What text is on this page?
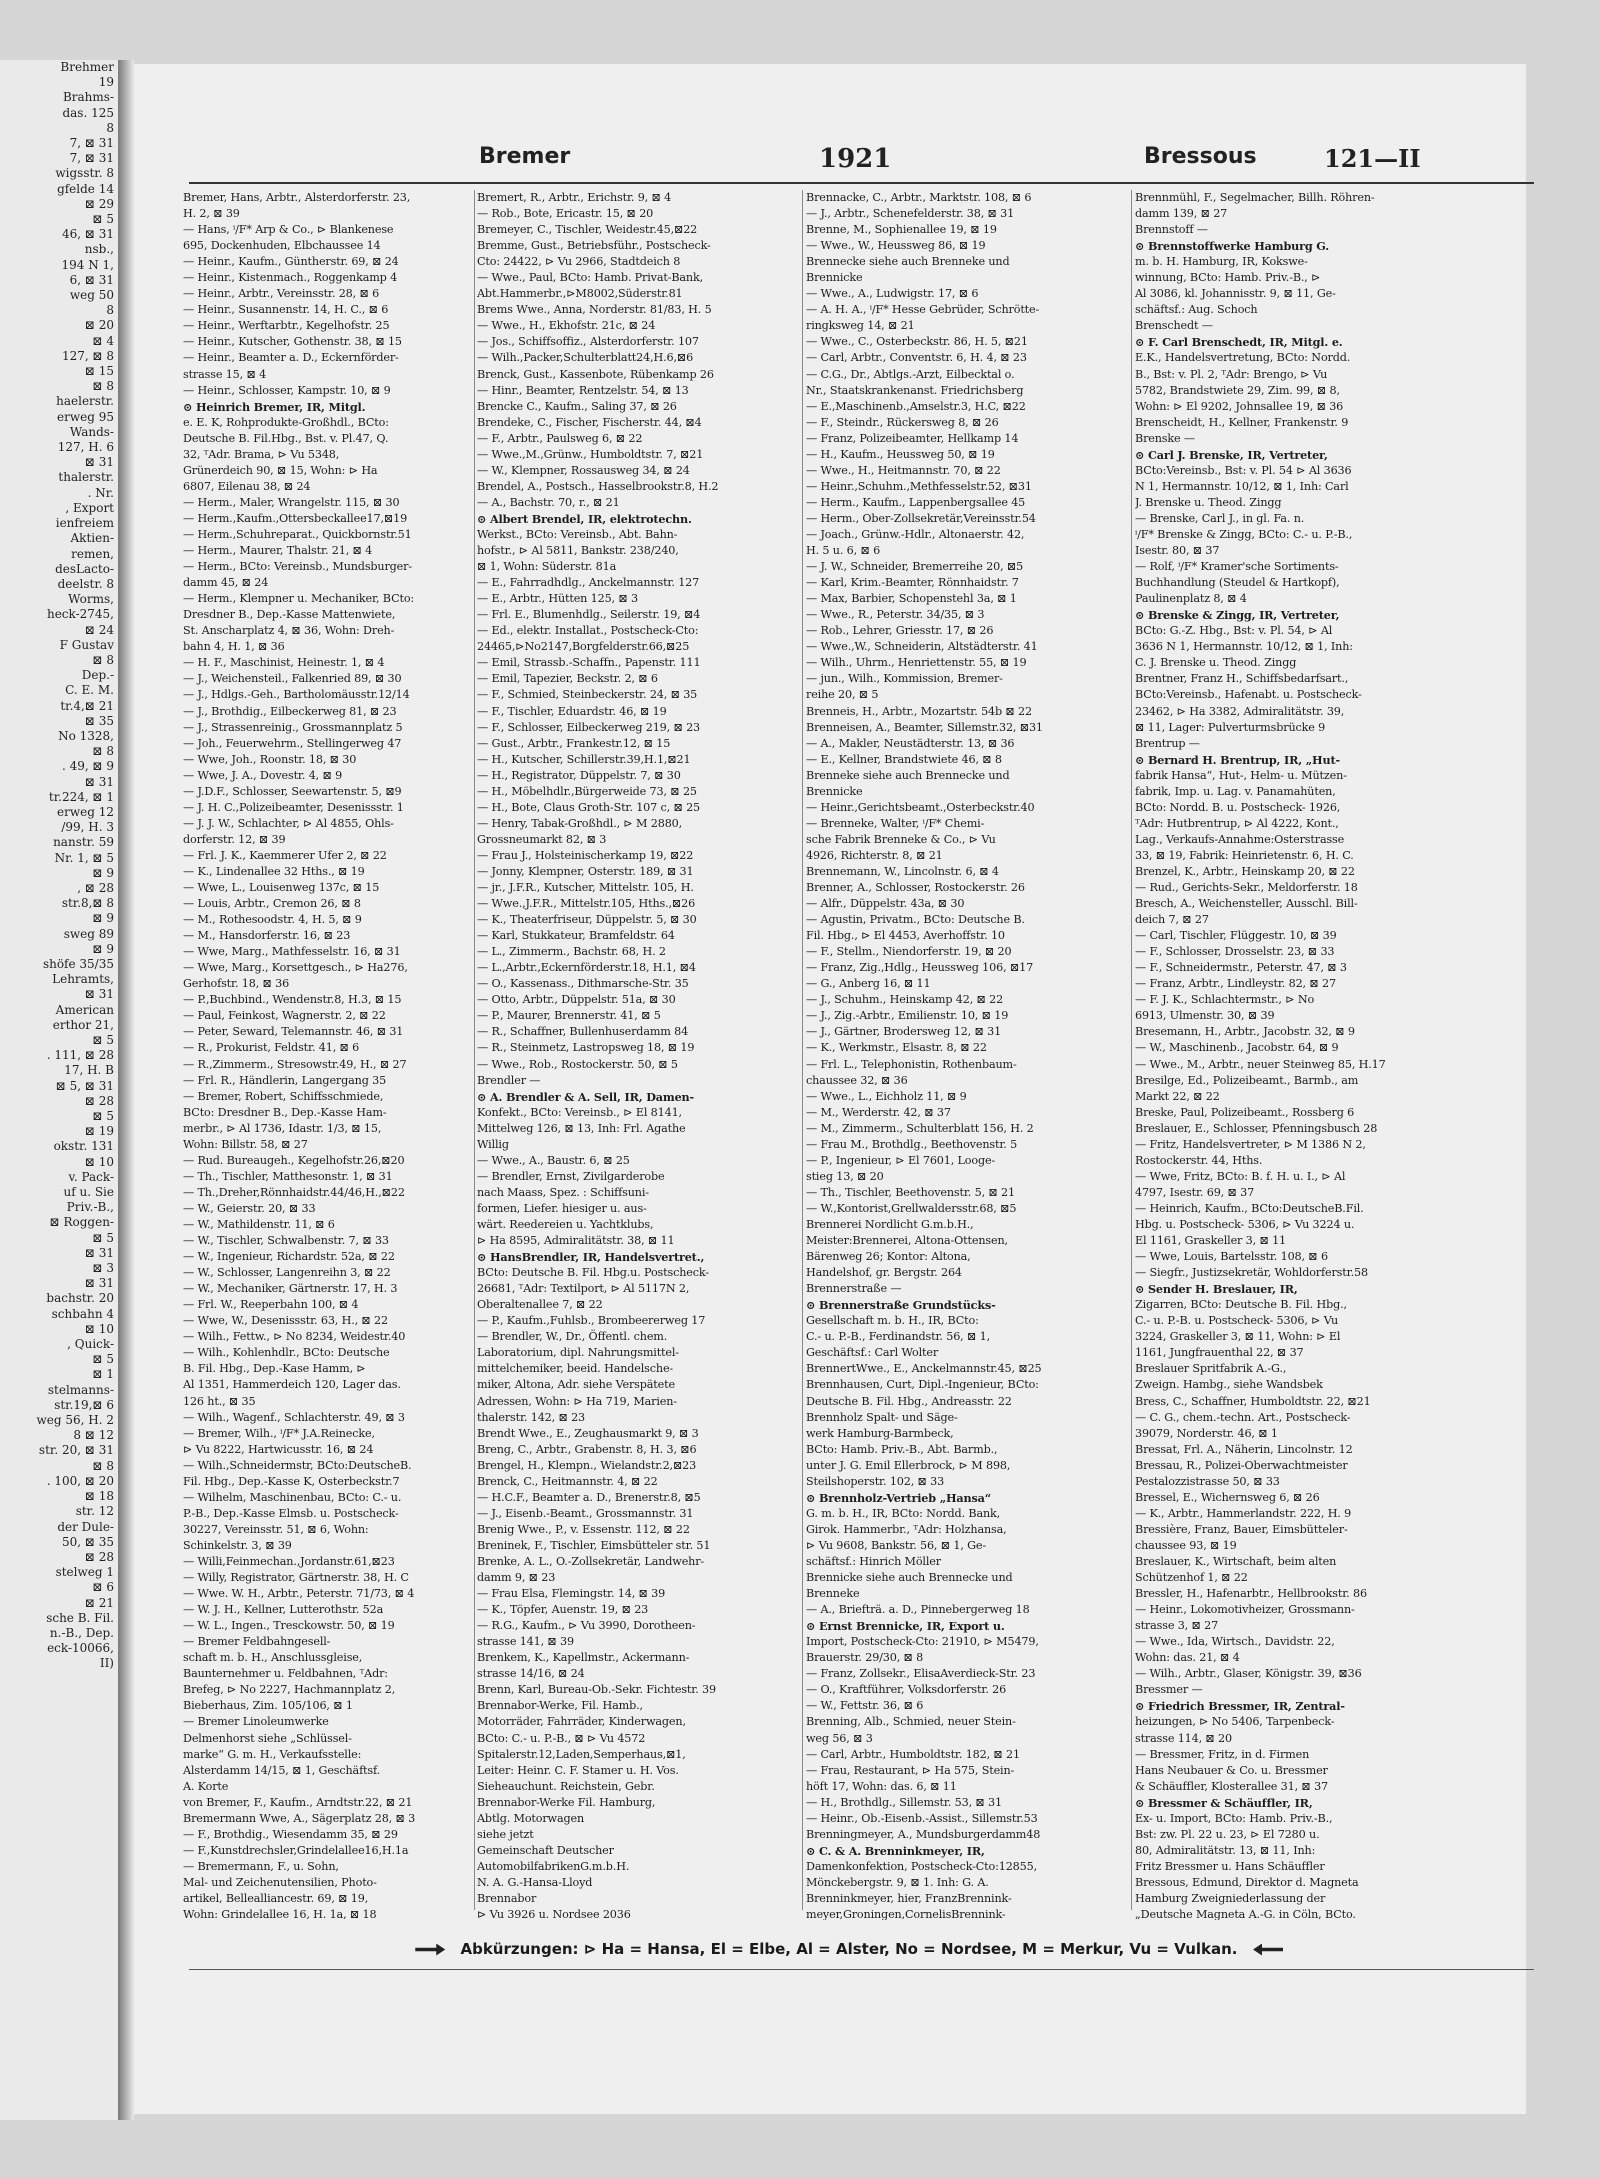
Brehmer
19
Brahms-
das. 125
8
7, ⊠ 31
7, ⊠ 31
wigsstr. 8
gfelde 14
⊠ 29
⊠ 5
46, ⊠ 31
nsb.,
194 N 1,
6, ⊠ 31
weg 50
8
⊠ 20
⊠ 4
127, ⊠ 8
⊠ 15
⊠ 8
haelerstr.
erweg 95
Wands-
127, H. 6
⊠ 31
thalerstr.
. Nr.
, Export
ienfreiem
Aktien-
remen,
desLacto-
deelstr. 8
Worms,
heck-2745,
⊠ 24
F Gustav
⊠ 8
Dep.-
C. E. M.
tr.4,⊠ 21
⊠ 35
No 1328,
⊠ 8
. 49, ⊠ 9
⊠ 31
tr.224, ⊠ 1
erweg 12
/99, H. 3
nanstr. 59
Nr. 1, ⊠ 5
⊠ 9
, ⊠ 28
str.8,⊠ 8
⊠ 9
sweg 89
⊠ 9
shöfe 35/35
Lehramts,
⊠ 31
American
erthor 21,
⊠ 5
. 111, ⊠ 28
17, H. B
⊠ 5, ⊠ 31
⊠ 28
⊠ 5
⊠ 19
okstr. 131
⊠ 10
v. Pack-
uf u. Sie
Priv.-B.,
⊠ Roggen-
⊠ 5
⊠ 31
⊠ 3
⊠ 31
bachstr. 20
schbahn 4
⊠ 10
, Quick-
⊠ 5
⊠ 1
stelmanns-
str.19,⊠ 6
weg 56, H. 2
8 ⊠ 12
str. 20, ⊠ 31
⊠ 8
. 100, ⊠ 20
⊠ 18
str. 12
der Dule-
50, ⊠ 35
⊠ 28
stelweg 1
⊠ 6
⊠ 21
sche B. Fil.
n.-B., Dep.
eck-10066,
II)
Bremer	1921	Bressous	121—II
Bremer, Hans, Arbtr., Alsterdorferstr. 23,
H. 2, ⊠ 39
— Hans, ⁱ/F* Arp & Co., ⊳ Blankenese
695, Dockenhuden, Elbchaussee 14
— Heinr., Kaufm., Güntherstr. 69, ⊠ 24
— Heinr., Kistenmach., Roggenkamp 4
— Heinr., Arbtr., Vereinsstr. 28, ⊠ 6
— Heinr., Susannenstr. 14, H. C., ⊠ 6
— Heinr., Werftarbtr., Kegelhofstr. 25
— Heinr., Kutscher, Gothenstr. 38, ⊠ 15
— Heinr., Beamter a. D., Eckernförder-
strasse 15, ⊠ 4
— Heinr., Schlosser, Kampstr. 10, ⊠ 9
⊙ Heinrich Bremer, IR, Mitgl.
e. E. K, Rohprodukte-Großhdl., BCto:
Deutsche B. Fil.Hbg., Bst. v. Pl.47, Q.
32, ᵀAdr. Brama, ⊳ Vu 5348,
Grünerdeich 90, ⊠ 15, Wohn: ⊳ Ha
6807, Eilenau 38, ⊠ 24
— Herm., Maler, Wrangelstr. 115, ⊠ 30
— Herm.,Kaufm.,Ottersbeckallee17,⊠19
— Herm.,Schuhreparat., Quickbornstr.51
— Herm., Maurer, Thalstr. 21, ⊠ 4
— Herm., BCto: Vereinsb., Mundsburger-
damm 45, ⊠ 24
— Herm., Klempner u. Mechaniker, BCto:
Dresdner B., Dep.-Kasse Mattenwiete,
St. Anscharplatz 4, ⊠ 36, Wohn: Dreh-
bahn 4, H. 1, ⊠ 36
— H. F., Maschinist, Heinestr. 1, ⊠ 4
— J., Weichensteil., Falkenried 89, ⊠ 30
— J., Hdlgs.-Geh., Bartholomäusstr.12/14
— J., Brothdig., Eilbeckerweg 81, ⊠ 23
— J., Strassenreinig., Grossmannplatz 5
— Joh., Feuerwehrm., Stellingerweg 47
— Wwe, Joh., Roonstr. 18, ⊠ 30
— Wwe, J. A., Dovestr. 4, ⊠ 9
— J.D.F., Schlosser, Seewartenstr. 5, ⊠9
— J. H. C.,Polizeibeamter, Desenissstr. 1
— J. J. W., Schlachter, ⊳ Al 4855, Ohls-
dorferstr. 12, ⊠ 39
— Frl. J. K., Kaemmerer Ufer 2, ⊠ 22
— K., Lindenallee 32 Hths., ⊠ 19
— Wwe, L., Louisenweg 137c, ⊠ 15
— Louis, Arbtr., Cremon 26, ⊠ 8
— M., Rothesoodstr. 4, H. 5, ⊠ 9
— M., Hansdorferstr. 16, ⊠ 23
— Wwe, Marg., Mathfesselstr. 16, ⊠ 31
— Wwe, Marg., Korsettgesch., ⊳ Ha276,
Gerhofstr. 18, ⊠ 36
— P.,Buchbind., Wendenstr.8, H.3, ⊠ 15
— Paul, Feinkost, Wagnerstr. 2, ⊠ 22
— Peter, Seward, Telemannstr. 46, ⊠ 31
— R., Prokurist, Feldstr. 41, ⊠ 6
— R.,Zimmerm., Stresowstr.49, H., ⊠ 27
— Frl. R., Händlerin, Langergang 35
— Bremer, Robert, Schiffsschmiede,
BCto: Dresdner B., Dep.-Kasse Ham-
merbr., ⊳ Al 1736, Idastr. 1/3, ⊠ 15,
Wohn: Billstr. 58, ⊠ 27
— Rud. Bureaugeh., Kegelhofstr.26,⊠20
— Th., Tischler, Matthesonstr. 1, ⊠ 31
— Th.,Dreher,Rönnhaidstr.44/46,H.,⊠22
— W., Geierstr. 20, ⊠ 33
— W., Mathildenstr. 11, ⊠ 6
— W., Tischler, Schwalbenstr. 7, ⊠ 33
— W., Ingenieur, Richardstr. 52a, ⊠ 22
— W., Schlosser, Langenreihn 3, ⊠ 22
— W., Mechaniker, Gärtnerstr. 17, H. 3
— Frl. W., Reeperbahn 100, ⊠ 4
— Wwe, W., Desenissstr. 63, H., ⊠ 22
— Wilh., Fettw., ⊳ No 8234, Weidestr.40
— Wilh., Kohlenhdlr., BCto: Deutsche
B. Fil. Hbg., Dep.-Kase Hamm, ⊳
Al 1351, Hammerdeich 120, Lager das.
126 ht., ⊠ 35
— Wilh., Wagenf., Schlachterstr. 49, ⊠ 3
— Bremer, Wilh., ⁱ/F* J.A.Reinecke,
⊳ Vu 8222, Hartwicusstr. 16, ⊠ 24
— Wilh.,Schneidermstr, BCto:DeutscheB.
Fil. Hbg., Dep.-Kasse K, Osterbeckstr.7
— Wilhelm, Maschinenbau, BCto: C.- u.
P.-B., Dep.-Kasse Elmsb. u. Postscheck-
30227, Vereinsstr. 51, ⊠ 6, Wohn:
Schinkelstr. 3, ⊠ 39
— Willi,Feinmechan.,Jordanstr.61,⊠23
— Willy, Registrator, Gärtnerstr. 38, H. C
— Wwe. W. H., Arbtr., Peterstr. 71/73, ⊠ 4
— W. J. H., Kellner, Lutterothstr. 52a
— W. L., Ingen., Tresckowstr. 50, ⊠ 19
— Bremer Feldbahngesell-
schaft m. b. H., Anschlussgleise,
Baunternehmer u. Feldbahnen, ᵀAdr:
Brefeg, ⊳ No 2227, Hachmannplatz 2,
Bieberhaus, Zim. 105/106, ⊠ 1
— Bremer Linoleumwerke
Delmenhorst siehe „Schlüssel-
marke“ G. m. H., Verkaufsstelle:
Alsterdamm 14/15, ⊠ 1, Geschäftsf.
A. Korte
von Bremer, F., Kaufm., Arndtstr.22, ⊠ 21
Bremermann Wwe, A., Sägerplatz 28, ⊠ 3
— F., Brothdig., Wiesendamm 35, ⊠ 29
— F.,Kunstdrechsler,Grindelallee16,H.1a
— Bremermann, F., u. Sohn,
Mal- und Zeichenutensilien, Photo-
artikel, Bellealliancestr. 69, ⊠ 19,
Wohn: Grindelallee 16, H. 1a, ⊠ 18
Bremert, R., Arbtr., Erichstr. 9, ⊠ 4
— Rob., Bote, Ericastr. 15, ⊠ 20
Bremeyer, C., Tischler, Weidestr.45,⊠22
Bremme, Gust., Betriebsführ., Postscheck-
Cto: 24422, ⊳ Vu 2966, Stadtdeich 8
— Wwe., Paul, BCto: Hamb. Privat-Bank,
Abt.Hammerbr.,⊳M8002,Süderstr.81
Brems Wwe., Anna, Norderstr. 81/83, H. 5
— Wwe., H., Ekhofstr. 21c, ⊠ 24
— Jos., Schiffsoffiz., Alsterdorferstr. 107
— Wilh.,Packer,Schulterblatt24,H.6,⊠6
Brenck, Gust., Kassenbote, Rübenkamp 26
— Hinr., Beamter, Rentzelstr. 54, ⊠ 13
Brencke C., Kaufm., Saling 37, ⊠ 26
Brendeke, C., Fischer, Fischerstr. 44, ⊠4
— F., Arbtr., Paulsweg 6, ⊠ 22
— Wwe.,M.,Grünw., Humboldtstr. 7, ⊠21
— W., Klempner, Rossausweg 34, ⊠ 24
Brendel, A., Postsch., Hasselbrookstr.8, H.2
— A., Bachstr. 70, r., ⊠ 21
⊙ Albert Brendel, IR, elektrotechn.
Werkst., BCto: Vereinsb., Abt. Bahn-
hofstr., ⊳ Al 5811, Bankstr. 238/240,
⊠ 1, Wohn: Süderstr. 81a
— E., Fahrradhdlg., Anckelmannstr. 127
— E., Arbtr., Hütten 125, ⊠ 3
— Frl. E., Blumenhdlg., Seilerstr. 19, ⊠4
— Ed., elektr. Installat., Postscheck-Cto:
24465,⊳No2147,Borgfelderstr.66,⊠25
— Emil, Strassb.-Schaffn., Papenstr. 111
— Emil, Tapezier, Beckstr. 2, ⊠ 6
— F., Schmied, Steinbeckerstr. 24, ⊠ 35
— F., Tischler, Eduardstr. 46, ⊠ 19
— F., Schlosser, Eilbeckerweg 219, ⊠ 23
— Gust., Arbtr., Frankestr.12, ⊠ 15
— H., Kutscher, Schillerstr.39,H.1,⊠21
— H., Registrator, Düppelstr. 7, ⊠ 30
— H., Möbelhdlr.,Bürgerweide 73, ⊠ 25
— H., Bote, Claus Groth-Str. 107 c, ⊠ 25
— Henry, Tabak-Großhdl., ⊳ M 2880,
Grossneumarkt 82, ⊠ 3
— Frau J., Holsteinischerkamp 19, ⊠22
— Jonny, Klempner, Osterstr. 189, ⊠ 31
— jr., J.F.R., Kutscher, Mittelstr. 105, H.
— Wwe.,J.F.R., Mittelstr.105, Hths.,⊠26
— K., Theaterfriseur, Düppelstr. 5, ⊠ 30
— Karl, Stukkateur, Bramfeldstr. 64
— L., Zimmerm., Bachstr. 68, H. 2
— L.,Arbtr.,Eckernförderstr.18, H.1, ⊠4
— O., Kassenass., Dithmarsche-Str. 35
— Otto, Arbtr., Düppelstr. 51a, ⊠ 30
— P., Maurer, Brennerstr. 41, ⊠ 5
— R., Schaffner, Bullenhuserdamm 84
— R., Steinmetz, Lastropsweg 18, ⊠ 19
— Wwe., Rob., Rostockerstr. 50, ⊠ 5
Brendler —
⊙ A. Brendler & A. Sell, IR, Damen-
Konfekt., BCto: Vereinsb., ⊳ El 8141,
Mittelweg 126, ⊠ 13, Inh: Frl. Agathe
Willig
— Wwe., A., Baustr. 6, ⊠ 25
— Brendler, Ernst, Zivilgarderobe
nach Maass, Spez. : Schiffsuni-
formen, Liefer. hiesiger u. aus-
wärt. Reedereien u. Yachtklubs,
⊳ Ha 8595, Admiralitätstr. 38, ⊠ 11
⊙ HansBrendler, IR, Handelsvertret.,
BCto: Deutsche B. Fil. Hbg.u. Postscheck-
26681, ᵀAdr: Textilport, ⊳ Al 5117N 2,
Oberaltenallee 7, ⊠ 22
— P., Kaufm.,Fuhlsb., Brombeererweg 17
— Brendler, W., Dr., Öffentl. chem.
Laboratorium, dipl. Nahrungsmittel-
mittelchemiker, beeid. Handelsche-
miker, Altona, Adr. siehe Verspätete
Adressen, Wohn: ⊳ Ha 719, Marien-
thalerstr. 142, ⊠ 23
Brendt Wwe., E., Zeughausmarkt 9, ⊠ 3
Breng, C., Arbtr., Grabenstr. 8, H. 3, ⊠6
Brengel, H., Klempn., Wielandstr.2,⊠23
Brenck, C., Heitmannstr. 4, ⊠ 22
— H.C.F., Beamter a. D., Brenerstr.8, ⊠5
— J., Eisenb.-Beamt., Grossmannstr. 31
Brenig Wwe., P., v. Essenstr. 112, ⊠ 22
Breninek, F., Tischler, Eimsbütteler str. 51
Brenke, A. L., O.-Zollsekretär, Landwehr-
damm 9, ⊠ 23
— Frau Elsa, Flemingstr. 14, ⊠ 39
— K., Töpfer, Auenstr. 19, ⊠ 23
— R.G., Kaufm., ⊳ Vu 3990, Dorotheen-
strasse 141, ⊠ 39
Brenkem, K., Kapellmstr., Ackermann-
strasse 14/16, ⊠ 24
Brenn, Karl, Bureau-Ob.-Sekr. Fichtestr. 39
Brennabor-Werke, Fil. Hamb.,
Motorräder, Fahrräder, Kinderwagen,
BCto: C.- u. P.-B., ⊠ ⊳ Vu 4572
Spitalerstr.12,Laden,Semperhaus,⊠1,
Leiter: Heinr. C. F. Stamer u. H. Vos.
Sieheauchunt. Reichstein, Gebr.
Brennabor-Werke Fil. Hamburg,
Abtlg. Motorwagen
siehe jetzt
Gemeinschaft Deutscher
AutomobilfabrikenG.m.b.H.
N. A. G.-Hansa-Lloyd
Brennabor
⊳ Vu 3926 u. Nordsee 2036
Brennacke, C., Arbtr., Marktstr. 108, ⊠ 6
— J., Arbtr., Schenefelderstr. 38, ⊠ 31
Brenne, M., Sophienallee 19, ⊠ 19
— Wwe., W., Heussweg 86, ⊠ 19
Brennecke siehe auch Brenneke und
Brennicke
— Wwe., A., Ludwigstr. 17, ⊠ 6
— A. H. A., ⁱ/F* Hesse Gebrüder, Schrötte-
ringksweg 14, ⊠ 21
— Wwe., C., Osterbeckstr. 86, H. 5, ⊠21
— Carl, Arbtr., Conventstr. 6, H. 4, ⊠ 23
— C.G., Dr., Abtlgs.-Arzt, Eilbecktal o.
Nr., Staatskrankenanst. Friedrichsberg
— E.,Maschinenb.,Amselstr.3, H.C, ⊠22
— F., Steindr., Rückersweg 8, ⊠ 26
— Franz, Polizeibeamter, Hellkamp 14
— H., Kaufm., Heussweg 50, ⊠ 19
— Wwe., H., Heitmannstr. 70, ⊠ 22
— Heinr.,Schuhm.,Methfesselstr.52, ⊠31
— Herm., Kaufm., Lappenbergsallee 45
— Herm., Ober-Zollsekretär,Vereinsstr.54
— Joach., Grünw.-Hdlr., Altonaerstr. 42,
H. 5 u. 6, ⊠ 6
— J. W., Schneider, Bremerreihe 20, ⊠5
— Karl, Krim.-Beamter, Rönnhaidstr. 7
— Max, Barbier, Schopenstehl 3a, ⊠ 1
— Wwe., R., Peterstr. 34/35, ⊠ 3
— Rob., Lehrer, Griesstr. 17, ⊠ 26
— Wwe.,W., Schneiderin, Altstädterstr. 41
— Wilh., Uhrm., Henriettenstr. 55, ⊠ 19
— jun., Wilh., Kommission, Bremer-
reihe 20, ⊠ 5
Brenneis, H., Arbtr., Mozartstr. 54b ⊠ 22
Brenneisen, A., Beamter, Sillemstr.32, ⊠31
— A., Makler, Neustädterstr. 13, ⊠ 36
— E., Kellner, Brandstwiete 46, ⊠ 8
Brenneke siehe auch Brennecke und
Brennicke
— Heinr.,Gerichtsbeamt.,Osterbeckstr.40
— Brenneke, Walter, ⁱ/F* Chemi-
sche Fabrik Brenneke & Co., ⊳ Vu
4926, Richterstr. 8, ⊠ 21
Brennemann, W., Lincolnstr. 6, ⊠ 4
Brenner, A., Schlosser, Rostockerstr. 26
— Alfr., Düppelstr. 43a, ⊠ 30
— Agustin, Privatm., BCto: Deutsche B.
Fil. Hbg., ⊳ El 4453, Averhoffstr. 10
— F., Stellm., Niendorferstr. 19, ⊠ 20
— Franz, Zig.,Hdlg., Heussweg 106, ⊠17
— G., Anberg 16, ⊠ 11
— J., Schuhm., Heinskamp 42, ⊠ 22
— J., Zig.-Arbtr., Emilienstr. 10, ⊠ 19
— J., Gärtner, Brodersweg 12, ⊠ 31
— K., Werkmstr., Elsastr. 8, ⊠ 22
— Frl. L., Telephonistin, Rothenbaum-
chaussee 32, ⊠ 36
— Wwe., L., Eichholz 11, ⊠ 9
— M., Werderstr. 42, ⊠ 37
— M., Zimmerm., Schulterblatt 156, H. 2
— Frau M., Brothdlg., Beethovenstr. 5
— P., Ingenieur, ⊳ El 7601, Looge-
stieg 13, ⊠ 20
— Th., Tischler, Beethovenstr. 5, ⊠ 21
— W.,Kontorist,Grellwaldersstr.68, ⊠5
Brennerei Nordlicht G.m.b.H.,
Meister:Brennerei, Altona-Ottensen,
Bärenweg 26; Kontor: Altona,
Handelshof, gr. Bergstr. 264
Brennerstraße —
⊙ Brennerstraße Grundstücks-
Gesellschaft m. b. H., IR, BCto:
C.- u. P.-B., Ferdinandstr. 56, ⊠ 1,
Geschäftsf.: Carl Wolter
BrennertWwe., E., Anckelmannstr.45, ⊠25
Brennhausen, Curt, Dipl.-Ingenieur, BCto:
Deutsche B. Fil. Hbg., Andreasstr. 22
Brennholz Spalt- und Säge-
werk Hamburg-Barmbeck,
BCto: Hamb. Priv.-B., Abt. Barmb.,
unter J. G. Emil Ellerbrock, ⊳ M 898,
Steilshoperstr. 102, ⊠ 33
⊙ Brennholz-Vertrieb „Hansa“
G. m. b. H., IR, BCto: Nordd. Bank,
Girok. Hammerbr., ᵀAdr: Holzhansa,
⊳ Vu 9608, Bankstr. 56, ⊠ 1, Ge-
schäftsf.: Hinrich Möller
Brennicke siehe auch Brennecke und
Brenneke
— A., Briefträ. a. D., Pinnebergerweg 18
⊙ Ernst Brennicke, IR, Export u.
Import, Postscheck-Cto: 21910, ⊳ M5479,
Brauerstr. 29/30, ⊠ 8
— Franz, Zollsekr., ElisaAverdieck-Str. 23
— O., Kraftführer, Volksdorferstr. 26
— W., Fettstr. 36, ⊠ 6
Brenning, Alb., Schmied, neuer Stein-
weg 56, ⊠ 3
— Carl, Arbtr., Humboldtstr. 182, ⊠ 21
— Frau, Restaurant, ⊳ Ha 575, Stein-
höft 17, Wohn: das. 6, ⊠ 11
— H., Brothdlg., Sillemstr. 53, ⊠ 31
— Heinr., Ob.-Eisenb.-Assist., Sillemstr.53
Brenningmeyer, A., Mundsburgerdamm48
⊙ C. & A. Brenninkmeyer, IR,
Damenkonfektion, Postscheck-Cto:12855,
Mönckebergstr. 9, ⊠ 1. Inh: G. A.
Brenninkmeyer, hier, FranzBrennink-
meyer,Groningen,CornelisBrennink-
Brennmühl, F., Segelmacher, Billh. Röhren-
damm 139, ⊠ 27
Brennstoff —
⊙ Brennstoffwerke Hamburg G.
m. b. H. Hamburg, IR, Kokswe-
winnung, BCto: Hamb. Priv.-B., ⊳
Al 3086, kl. Johannisstr. 9, ⊠ 11, Ge-
schäftsf.: Aug. Schoch
Brenschedt —
⊙ F. Carl Brenschedt, IR, Mitgl. e.
E.K., Handelsvertretung, BCto: Nordd.
B., Bst: v. Pl. 2, ᵀAdr: Brengo, ⊳ Vu
5782, Brandstwiete 29, Zim. 99, ⊠ 8,
Wohn: ⊳ El 9202, Johnsallee 19, ⊠ 36
Brenscheidt, H., Kellner, Frankenstr. 9
Brenske —
⊙ Carl J. Brenske, IR, Vertreter,
BCto:Vereinsb., Bst: v. Pl. 54 ⊳ Al 3636
N 1, Hermannstr. 10/12, ⊠ 1, Inh: Carl
J. Brenske u. Theod. Zingg
— Brenske, Carl J., in gl. Fa. n.
ⁱ/F* Brenske & Zingg, BCto: C.- u. P.-B.,
Isestr. 80, ⊠ 37
— Rolf, ⁱ/F* Kramer'sche Sortiments-
Buchhandlung (Steudel & Hartkopf),
Paulinenplatz 8, ⊠ 4
⊙ Brenske & Zingg, IR, Vertreter,
BCto: G.-Z. Hbg., Bst: v. Pl. 54, ⊳ Al
3636 N 1, Hermannstr. 10/12, ⊠ 1, Inh:
C. J. Brenske u. Theod. Zingg
Brentner, Franz H., Schiffsbedarfsart.,
BCto:Vereinsb., Hafenabt. u. Postscheck-
23462, ⊳ Ha 3382, Admiralitätstr. 39,
⊠ 11, Lager: Pulverturmsbrücke 9
Brentrup —
⊙ Bernard H. Brentrup, IR, „Hut-
fabrik Hansa“, Hut-, Helm- u. Mützen-
fabrik, Imp. u. Lag. v. Panamahüten,
BCto: Nordd. B. u. Postscheck- 1926,
ᵀAdr: Hutbrentrup, ⊳ Al 4222, Kont.,
Lag., Verkaufs-Annahme:Osterstrasse
33, ⊠ 19, Fabrik: Heinrietenstr. 6, H. C.
Brenzel, K., Arbtr., Heinskamp 20, ⊠ 22
— Rud., Gerichts-Sekr., Meldorferstr. 18
Bresch, A., Weichensteller, Ausschl. Bill-
deich 7, ⊠ 27
— Carl, Tischler, Flüggestr. 10, ⊠ 39
— F., Schlosser, Drosselstr. 23, ⊠ 33
— F., Schneidermstr., Peterstr. 47, ⊠ 3
— Franz, Arbtr., Lindleystr. 82, ⊠ 27
— F. J. K., Schlachtermstr., ⊳ No
6913, Ulmenstr. 30, ⊠ 39
Bresemann, H., Arbtr., Jacobstr. 32, ⊠ 9
— W., Maschinenb., Jacobstr. 64, ⊠ 9
— Wwe., M., Arbtr., neuer Steinweg 85, H.17
Bresilge, Ed., Polizeibeamt., Barmb., am
Markt 22, ⊠ 22
Breske, Paul, Polizeibeamt., Rossberg 6
Breslauer, E., Schlosser, Pfenningsbusch 28
— Fritz, Handelsvertreter, ⊳ M 1386 N 2,
Rostockerstr. 44, Hths.
— Wwe, Fritz, BCto: B. f. H. u. I., ⊳ Al
4797, Isestr. 69, ⊠ 37
— Heinrich, Kaufm., BCto:DeutscheB.Fil.
Hbg. u. Postscheck- 5306, ⊳ Vu 3224 u.
El 1161, Graskeller 3, ⊠ 11
— Wwe, Louis, Bartelsstr. 108, ⊠ 6
— Siegfr., Justizsekretär, Wohldorferstr.58
⊙ Sender H. Breslauer, IR,
Zigarren, BCto: Deutsche B. Fil. Hbg.,
C.- u. P.-B. u. Postscheck- 5306, ⊳ Vu
3224, Graskeller 3, ⊠ 11, Wohn: ⊳ El
1161, Jungfrauenthal 22, ⊠ 37
Breslauer Spritfabrik A.-G.,
Zweign. Hambg., siehe Wandsbek
Bress, C., Schaffner, Humboldtstr. 22, ⊠21
— C. G., chem.-techn. Art., Postscheck-
39079, Norderstr. 46, ⊠ 1
Bressat, Frl. A., Näherin, Lincolnstr. 12
Bressau, R., Polizei-Oberwachtmeister
Pestalozzistrasse 50, ⊠ 33
Bressel, E., Wichernsweg 6, ⊠ 26
— K., Arbtr., Hammerlandstr. 222, H. 9
Bressière, Franz, Bauer, Eimsbütteler-
chaussee 93, ⊠ 19
Breslauer, K., Wirtschaft, beim alten
Schützenhof 1, ⊠ 22
Bressler, H., Hafenarbtr., Hellbrookstr. 86
— Heinr., Lokomotivheizer, Grossmann-
strasse 3, ⊠ 27
— Wwe., Ida, Wirtsch., Davidstr. 22,
Wohn: das. 21, ⊠ 4
— Wilh., Arbtr., Glaser, Königstr. 39, ⊠36
Bressmer —
⊙ Friedrich Bressmer, IR, Zentral-
heizungen, ⊳ No 5406, Tarpenbeck-
strasse 114, ⊠ 20
— Bressmer, Fritz, in d. Firmen
Hans Neubauer & Co. u. Bressmer
& Schäuffler, Klosterallee 31, ⊠ 37
⊙ Bressmer & Schäuffler, IR,
Ex- u. Import, BCto: Hamb. Priv.-B.,
Bst: zw. Pl. 22 u. 23, ⊳ El 7280 u.
80, Admiralitätstr. 13, ⊠ 11, Inh:
Fritz Bressmer u. Hans Schäuffler
Bressous, Edmund, Direktor d. Magneta
Hamburg Zweigniederlassung der
„Deutsche Magneta A.-G. in Cöln, BCto.
Abkürzungen: ⊳ Ha = Hansa, El = Elbe, Al = Alster, No = Nordsee, M = Merkur, Vu = Vulkan.
